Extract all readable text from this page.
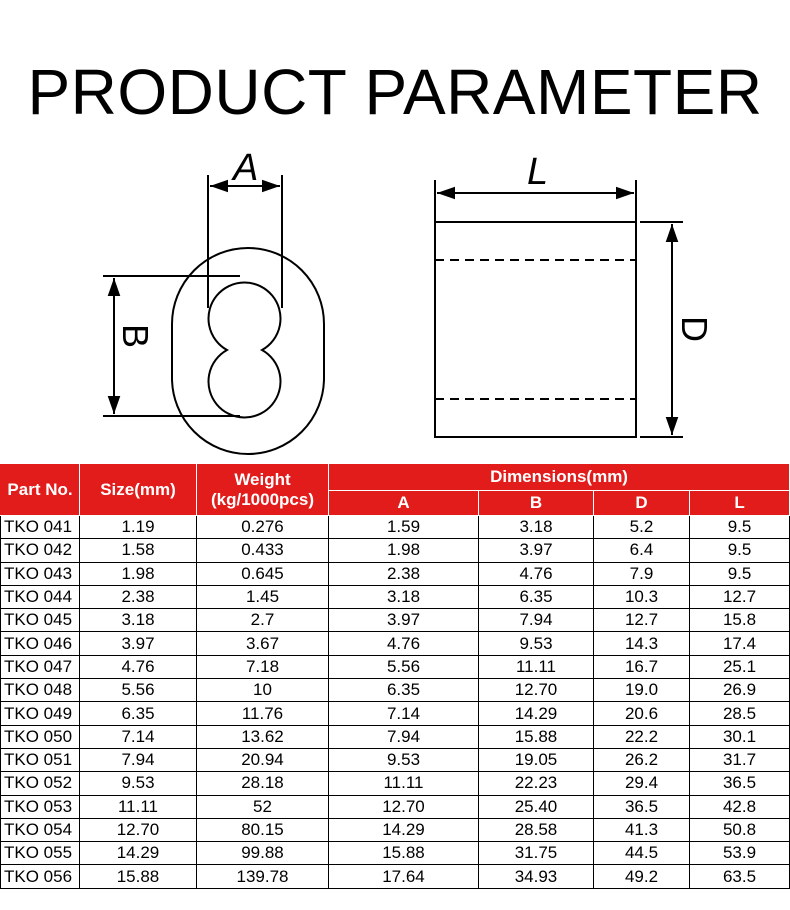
PRODUCT PARAMETER
A
B
L
D
Part No.	Size(mm)	Weight
(kg/1000pcs)	Dimensions(mm)			
			A	B	D	L
TKO 041	1.19	0.276	1.59	3.18	5.2	9.5
TKO 042	1.58	0.433	1.98	3.97	6.4	9.5
TKO 043	1.98	0.645	2.38	4.76	7.9	9.5
TKO 044	2.38	1.45	3.18	6.35	10.3	12.7
TKO 045	3.18	2.7	3.97	7.94	12.7	15.8
TKO 046	3.97	3.67	4.76	9.53	14.3	17.4
TKO 047	4.76	7.18	5.56	11.11	16.7	25.1
TKO 048	5.56	10	6.35	12.70	19.0	26.9
TKO 049	6.35	11.76	7.14	14.29	20.6	28.5
TKO 050	7.14	13.62	7.94	15.88	22.2	30.1
TKO 051	7.94	20.94	9.53	19.05	26.2	31.7
TKO 052	9.53	28.18	11.11	22.23	29.4	36.5
TKO 053	11.11	52	12.70	25.40	36.5	42.8
TKO 054	12.70	80.15	14.29	28.58	41.3	50.8
TKO 055	14.29	99.88	15.88	31.75	44.5	53.9
TKO 056	15.88	139.78	17.64	34.93	49.2	63.5
